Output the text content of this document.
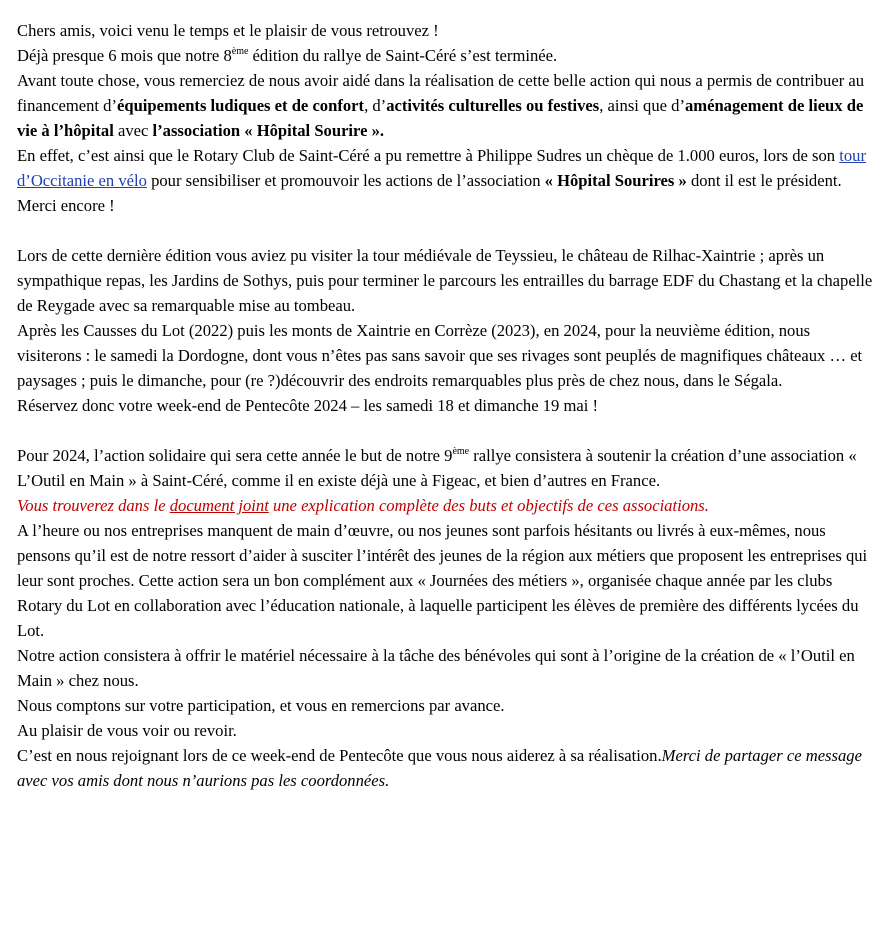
Chers amis, voici venu le temps et le plaisir de vous retrouvez !

Déjà presque 6 mois que notre 8ème édition du rallye de Saint-Céré s’est terminée.

Avant toute chose, vous remerciez de nous avoir aidé dans la réalisation de cette belle action qui nous a permis de contribuer au financement d’équipements ludiques et de confort, d’activités culturelles ou festives, ainsi que d’aménagement de lieux de vie à l’hôpital avec l’association « Hôpital Sourire ».

En effet, c’est ainsi que le Rotary Club de Saint-Céré a pu remettre à Philippe Sudres un chèque de 1.000 euros, lors de son tour d’Occitanie en vélo pour sensibiliser et promouvoir les actions de l’association « Hôpital Sourires » dont il est le président. Merci encore !

Lors de cette dernière édition vous aviez pu visiter la tour médiévale de Teyssieu, le château de Rilhac-Xaintrie ; après un sympathique repas, les Jardins de Sothys, puis pour terminer le parcours les entrailles du barrage EDF du Chastang et la chapelle de Reygade avec sa remarquable mise au tombeau.

Après les Causses du Lot (2022) puis les monts de Xaintrie en Corrèze (2023), en 2024, pour la neuvième édition, nous visiterons : le samedi la Dordogne, dont vous n’êtes pas sans savoir que ses rivages sont peuplés de magnifiques châteaux … et paysages ; puis le dimanche, pour (re ?)découvrir des endroits remarquables plus près de chez nous, dans le Ségala.

Réservez donc votre week-end de Pentecôte 2024 – les samedi 18 et dimanche 19 mai !

Pour 2024, l’action solidaire qui sera cette année le but de notre 9ème rallye consistera à soutenir la création d’une association « L’Outil en Main » à Saint-Céré, comme il en existe déjà une à Figeac, et bien d’autres en France.

Vous trouverez dans le document joint une explication complète des buts et objectifs de ces associations.

A l’heure ou nos entreprises manquent de main d’œuvre, ou nos jeunes sont parfois hésitants ou livrés à eux-mêmes, nous pensons qu’il est de notre ressort d’aider à susciter l’intérêt des jeunes de la région aux métiers que proposent les entreprises qui leur sont proches. Cette action sera un bon complément aux « Journées des métiers », organisée chaque année par les clubs Rotary du Lot en collaboration avec l’éducation nationale, à laquelle participent les élèves de première des différents lycées du Lot.

Notre action consistera à offrir le matériel nécessaire à la tâche des bénévoles qui sont à l’origine de la création de « l’Outil en Main » chez nous.

Nous comptons sur votre participation, et vous en remercions par avance.

Au plaisir de vous voir ou revoir.

C’est en nous rejoignant lors de ce week-end de Pentecôte que vous nous aiderez à sa réalisation.Merci de partager ce message avec vos amis dont nous n’aurions pas les coordonnées.
